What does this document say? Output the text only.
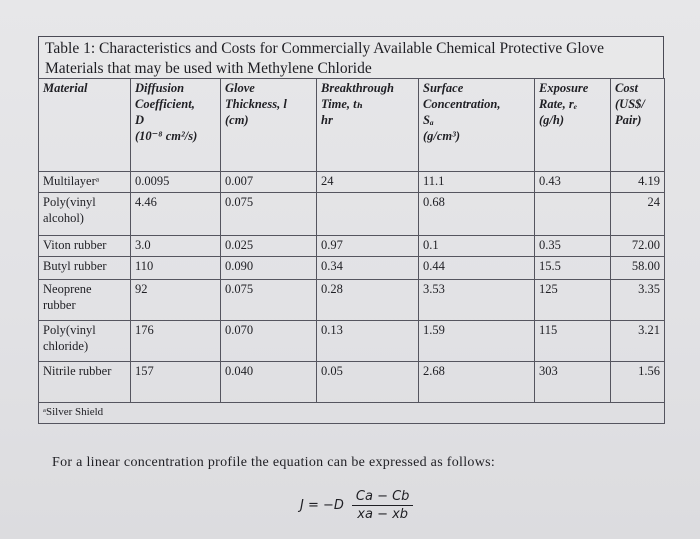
Table 1: Characteristics and Costs for Commercially Available Chemical Protective Glove
Materials that may be used with Methylene Chloride
Material	Diffusion
Coefficient,
D
(10⁻⁸ cm²/s)	Glove
Thickness, l
(cm)	Breakthrough
Time, tₕ
hr	Surface
Concentration,
Sₐ
(g/cm³)	Exposure
Rate, rₑ
(g/h)	Cost
(US$/
Pair)

Multilayerᵃ	0.0095	0.007	24	11.1	0.43	4.19
Poly(vinyl alcohol)	4.46	0.075		0.68		24
Viton rubber	3.0	0.025	0.97	0.1	0.35	72.00
Butyl rubber	110	0.090	0.34	0.44	15.5	58.00
Neoprene rubber	92	0.075	0.28	3.53	125	3.35
Poly(vinyl chloride)	176	0.070	0.13	1.59	115	3.21
Nitrile rubber	157	0.040	0.05	2.68	303	1.56
ᵃSilver Shield						
For a linear concentration profile the equation can be expressed as follows:
$J = -D \frac{Ca - Cb}{xa - xb}$
